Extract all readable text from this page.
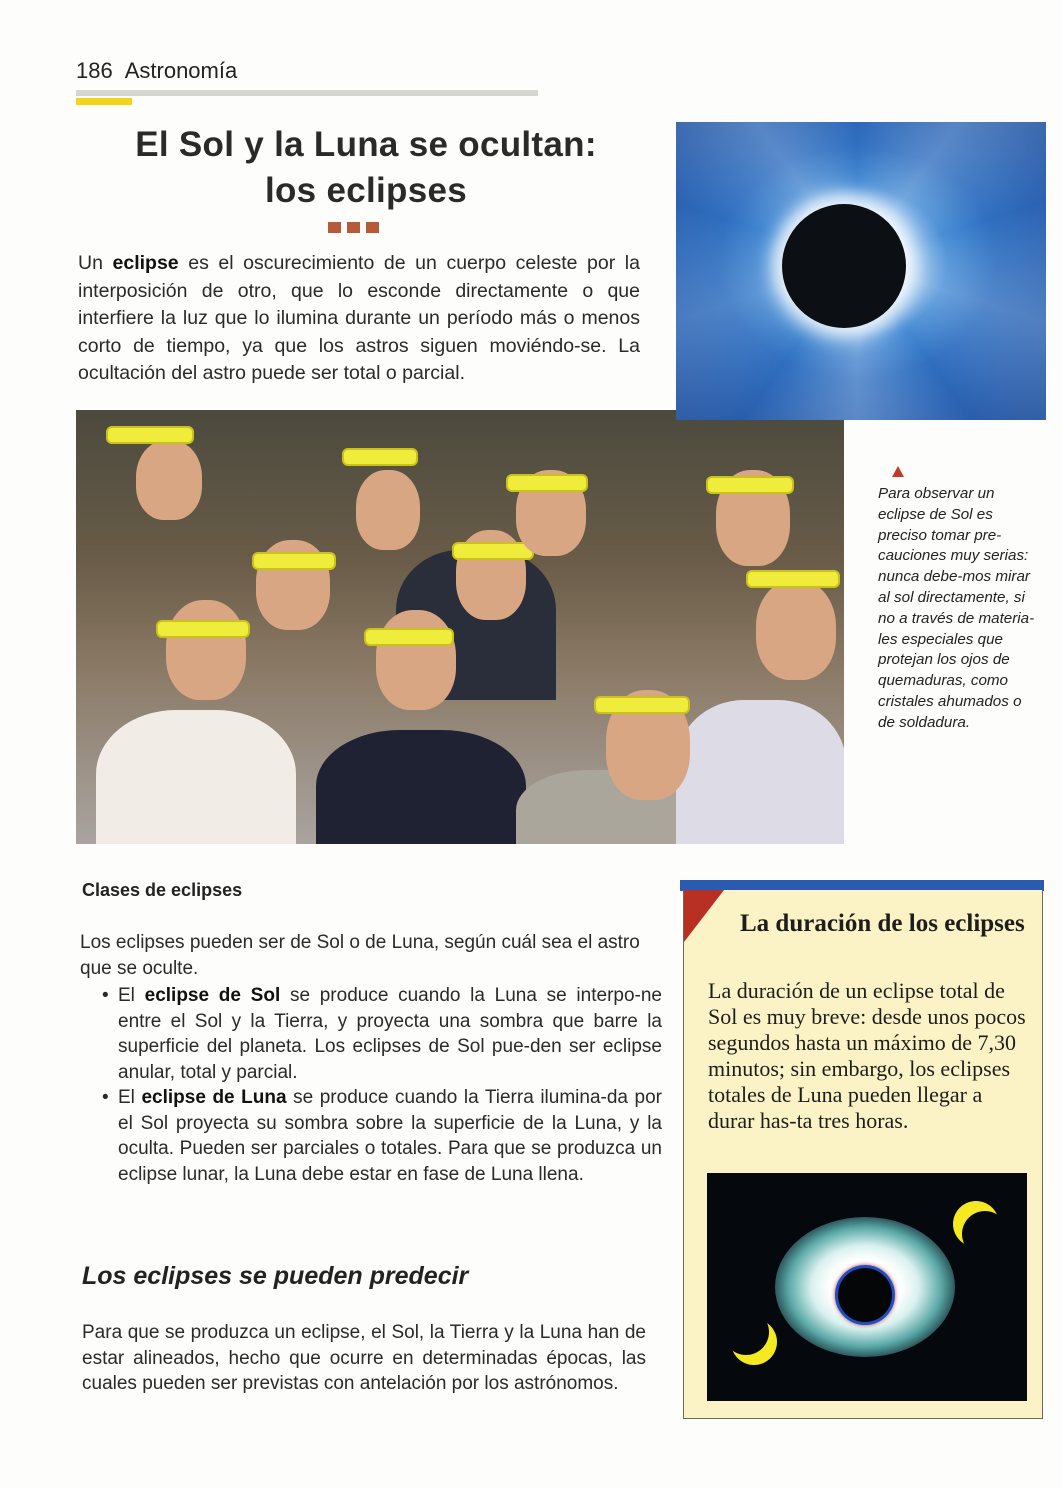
186 Astronomía
El Sol y la Luna se ocultan:
los eclipses
Un eclipse es el oscurecimiento de un cuerpo celeste por la interposición de otro, que lo esconde directamente o que interfiere la luz que lo ilumina durante un período más o menos corto de tiempo, ya que los astros siguen moviéndo-se. La ocultación del astro puede ser total o parcial.
Para observar un eclipse de Sol es preciso tomar pre-cauciones muy serias: nunca debe-mos mirar al sol directamente, si no a través de materia-les especiales que protejan los ojos de quemaduras, como cristales ahumados o de soldadura.
Clases de eclipses
Los eclipses pueden ser de Sol o de Luna, según cuál sea el astro que se oculte.
• El eclipse de Sol se produce cuando la Luna se interpo-ne entre el Sol y la Tierra, y proyecta una sombra que barre la superficie del planeta. Los eclipses de Sol pue-den ser eclipse anular, total y parcial.
• El eclipse de Luna se produce cuando la Tierra ilumina-da por el Sol proyecta su sombra sobre la superficie de la Luna, y la oculta. Pueden ser parciales o totales. Para que se produzca un eclipse lunar, la Luna debe estar en fase de Luna llena.
Los eclipses se pueden predecir
Para que se produzca un eclipse, el Sol, la Tierra y la Luna han de estar alineados, hecho que ocurre en determinadas épocas, las cuales pueden ser previstas con antelación por los astrónomos.
La duración de los eclipses
La duración de un eclipse total de Sol es muy breve: desde unos pocos segundos hasta un máximo de 7,30 minutos; sin embargo, los eclipses totales de Luna pueden llegar a durar has-ta tres horas.
